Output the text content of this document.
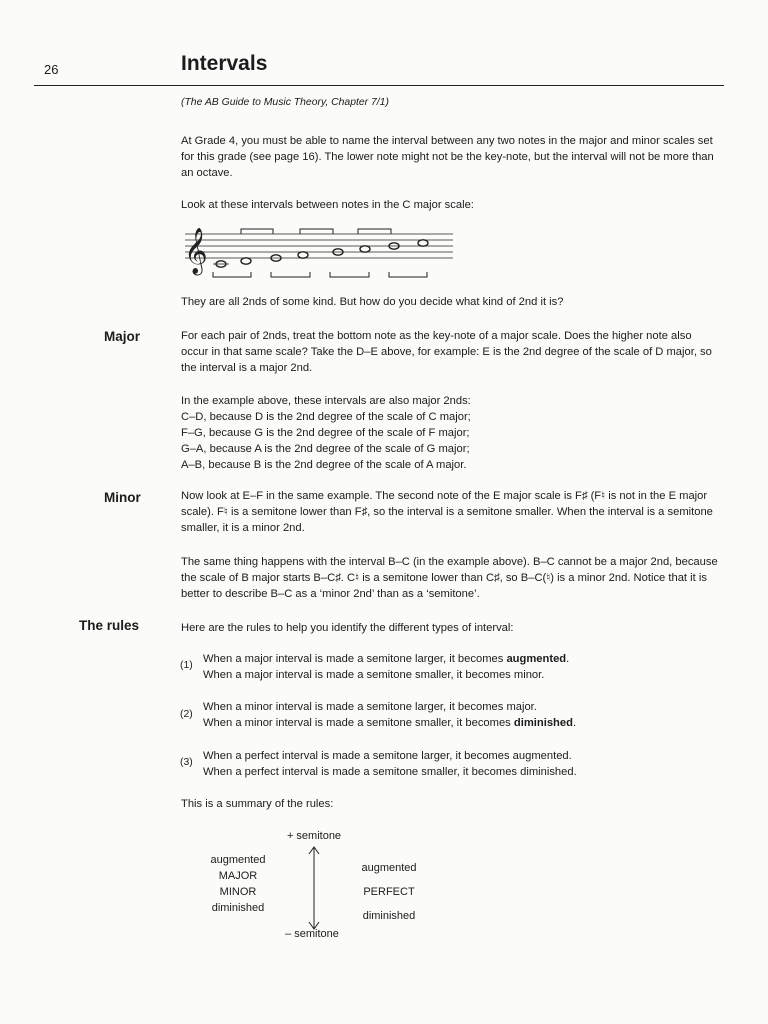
26	Intervals
(The AB Guide to Music Theory, Chapter 7/1)
At Grade 4, you must be able to name the interval between any two notes in the major and minor scales set for this grade (see page 16). The lower note might not be the key-note, but the interval will not be more than an octave.
Look at these intervals between notes in the C major scale:
𝄞
They are all 2nds of some kind. But how do you decide what kind of 2nd it is?
Major	For each pair of 2nds, treat the bottom note as the key-note of a major scale. Does the higher note also occur in that same scale? Take the D–E above, for example: E is the 2nd degree of the scale of D major, so the interval is a major 2nd.
In the example above, these intervals are also major 2nds:
C–D, because D is the 2nd degree of the scale of C major;
F–G, because G is the 2nd degree of the scale of F major;
G–A, because A is the 2nd degree of the scale of G major;
A–B, because B is the 2nd degree of the scale of A major.
Minor	Now look at E–F in the same example. The second note of the E major scale is F♯ (F♮ is not in the E major scale). F♮ is a semitone lower than F♯, so the interval is a semitone smaller. When the interval is a semitone smaller, it is a minor 2nd.
The same thing happens with the interval B–C (in the example above). B–C cannot be a major 2nd, because the scale of B major starts B–C♯. C♮ is a semitone lower than C♯, so B–C(♮) is a minor 2nd. Notice that it is better to describe B–C as a ‘minor 2nd’ than as a ‘semitone’.
The rules	Here are the rules to help you identify the different types of interval:
(1)
When a major interval is made a semitone larger, it becomes augmented.
When a major interval is made a semitone smaller, it becomes minor.
(2)
When a minor interval is made a semitone larger, it becomes major.
When a minor interval is made a semitone smaller, it becomes diminished.
(3)
When a perfect interval is made a semitone larger, it becomes augmented.
When a perfect interval is made a semitone smaller, it becomes diminished.
This is a summary of the rules:
+ semitone
– semitone
augmented
MAJOR
MINOR
diminished
augmented
PERFECT
diminished
